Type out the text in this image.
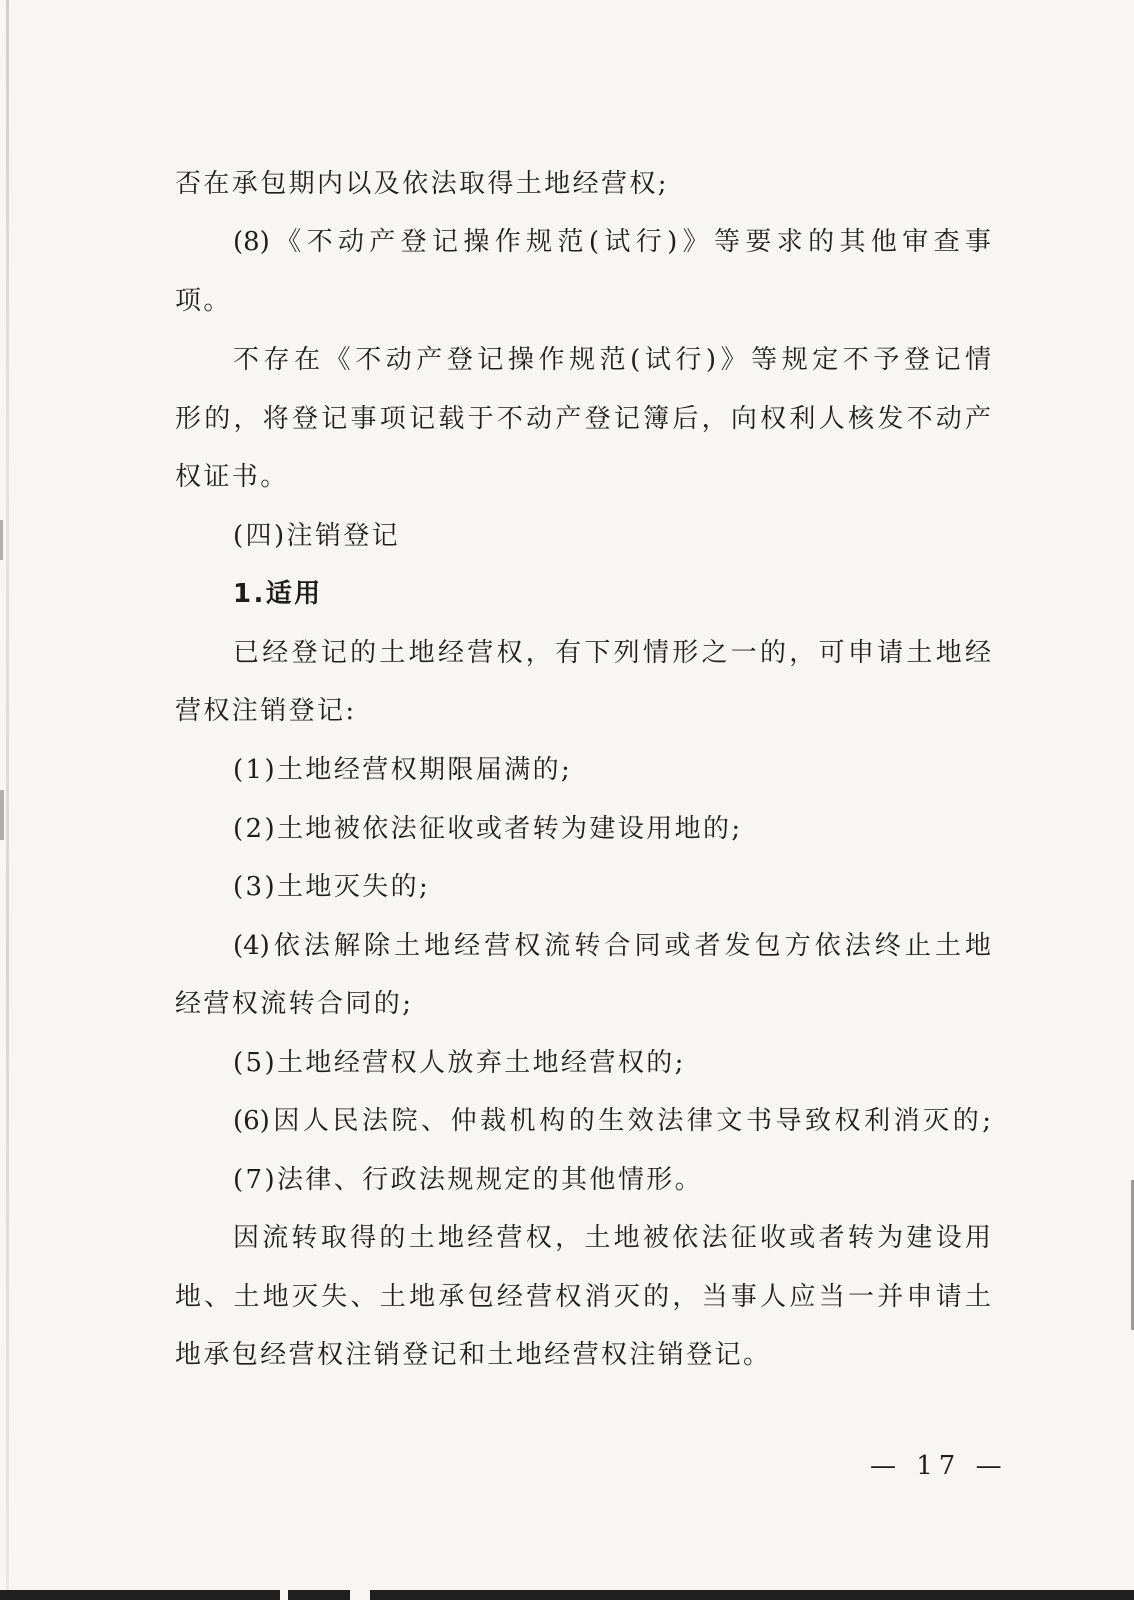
否在承包期内以及依法取得土地经营权;
(8)《不动产登记操作规范(试行)》等要求的其他审查事
项。
不存在《不动产登记操作规范(试行)》等规定不予登记情
形的，将登记事项记载于不动产登记簿后，向权利人核发不动产
权证书。
(四)注销登记
1.适用
已经登记的土地经营权，有下列情形之一的，可申请土地经
营权注销登记:
(1)土地经营权期限届满的;
(2)土地被依法征收或者转为建设用地的;
(3)土地灭失的;
(4)依法解除土地经营权流转合同或者发包方依法终止土地
经营权流转合同的;
(5)土地经营权人放弃土地经营权的;
(6)因人民法院、仲裁机构的生效法律文书导致权利消灭的;
(7)法律、行政法规规定的其他情形。
因流转取得的土地经营权，土地被依法征收或者转为建设用
地、土地灭失、土地承包经营权消灭的，当事人应当一并申请土
地承包经营权注销登记和土地经营权注销登记。
— 17 —
